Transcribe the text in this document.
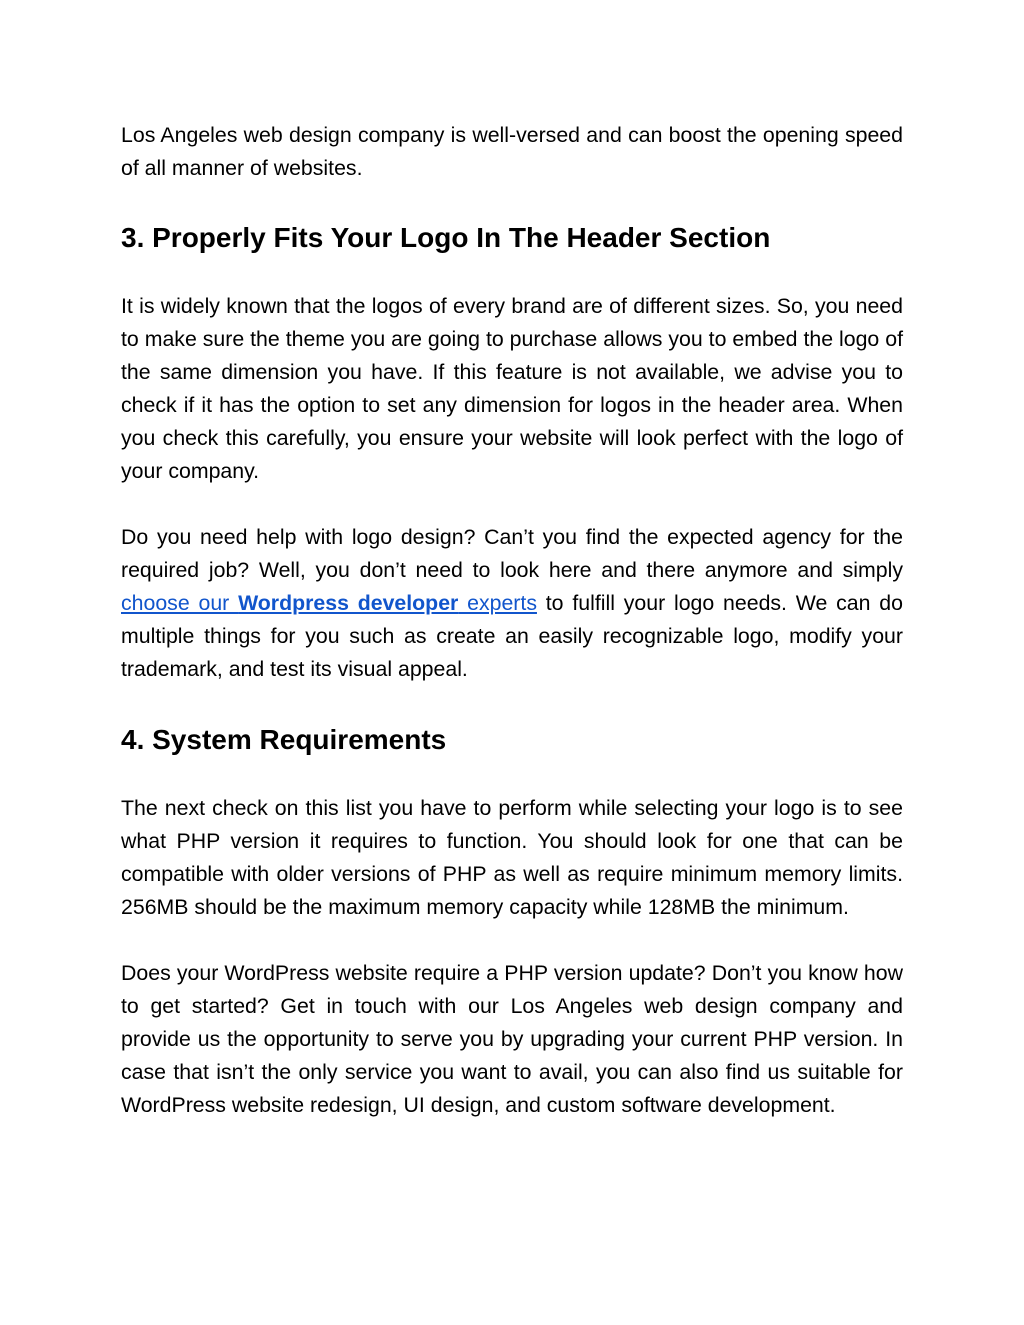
Los Angeles web design company is well-versed and can boost the opening speed of all manner of websites.

3. Properly Fits Your Logo In The Header Section

It is widely known that the logos of every brand are of different sizes. So, you need to make sure the theme you are going to purchase allows you to embed the logo of the same dimension you have. If this feature is not available, we advise you to check if it has the option to set any dimension for logos in the header area. When you check this carefully, you ensure your website will look perfect with the logo of your company.

Do you need help with logo design? Can’t you find the expected agency for the required job? Well, you don’t need to look here and there anymore and simply choose our Wordpress developer experts to fulfill your logo needs. We can do multiple things for you such as create an easily recognizable logo, modify your trademark, and test its visual appeal.

4. System Requirements

The next check on this list you have to perform while selecting your logo is to see what PHP version it requires to function. You should look for one that can be compatible with older versions of PHP as well as require minimum memory limits. 256MB should be the maximum memory capacity while 128MB the minimum.

Does your WordPress website require a PHP version update? Don’t you know how to get started? Get in touch with our Los Angeles web design company and provide us the opportunity to serve you by upgrading your current PHP version. In case that isn’t the only service you want to avail, you can also find us suitable for WordPress website redesign, UI design, and custom software development.
